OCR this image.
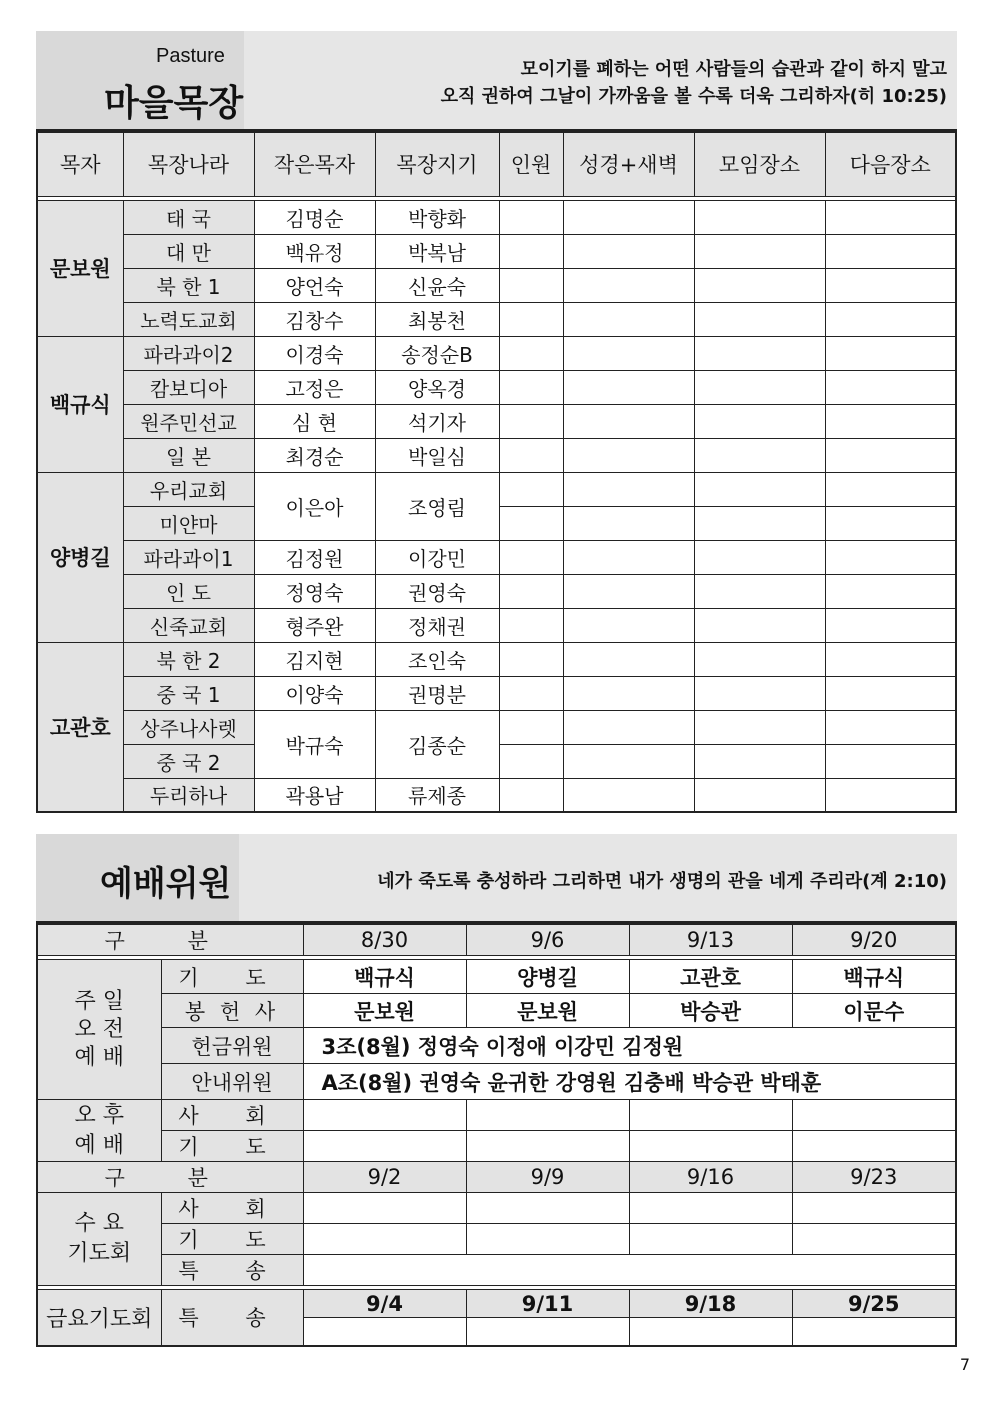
Pasture
마을목장
모이기를 폐하는 어떤 사람들의 습관과 같이 하지 말고
오직 권하여 그날이 가까움을 볼 수록 더욱 그리하자(히 10:25)
목자	목장나라	작은목자	목장지기	인원	성경+새벽	모임장소	다음장소

문보원	태 국	김명순	박향화				
	대 만	백유정	박복남				
	북 한 1	양언숙	신윤숙				
	노력도교회	김창수	최봉천				
백규식	파라과이2	이경숙	송정순B				
	캄보디아	고정은	양옥경				
	원주민선교	심 현	석기자				
	일 본	최경순	박일심				
양병길	우리교회	이은아	조영림				
	미얀마						
	파라과이1	김정원	이강민				
	인 도	정영숙	권영숙				
	신죽교회	형주완	정채권				
고관호	북 한 2	김지현	조인숙				
	중 국 1	이양숙	권명분				
	상주나사렛	박규숙	김종순				
	중 국 2						
	두리하나	곽용남	류제종				
예배위원	네가 죽도록 충성하라 그리하면 내가 생명의 관을 네게 주리라(계 2:10)
구 분		8/30	9/6	9/13	9/20

주 일
오 전
예 배	기 도	백규식	양병길	고관호	백규식
	봉 헌 사	문보원	문보원	박승관	이문수
	헌금위원	3조(8월) 정영숙 이정애 이강민 김정원			
	안내위원	A조(8월) 권영숙 윤귀한 강영원 김충배 박승관 박태훈			
오 후
예 배	사 회				
	기 도				
구 분		9/2	9/9	9/16	9/23
수 요
기도회	사 회				
	기 도				
	특 송				

금요기도회	특 송	9/4	9/11	9/18	9/25

7
